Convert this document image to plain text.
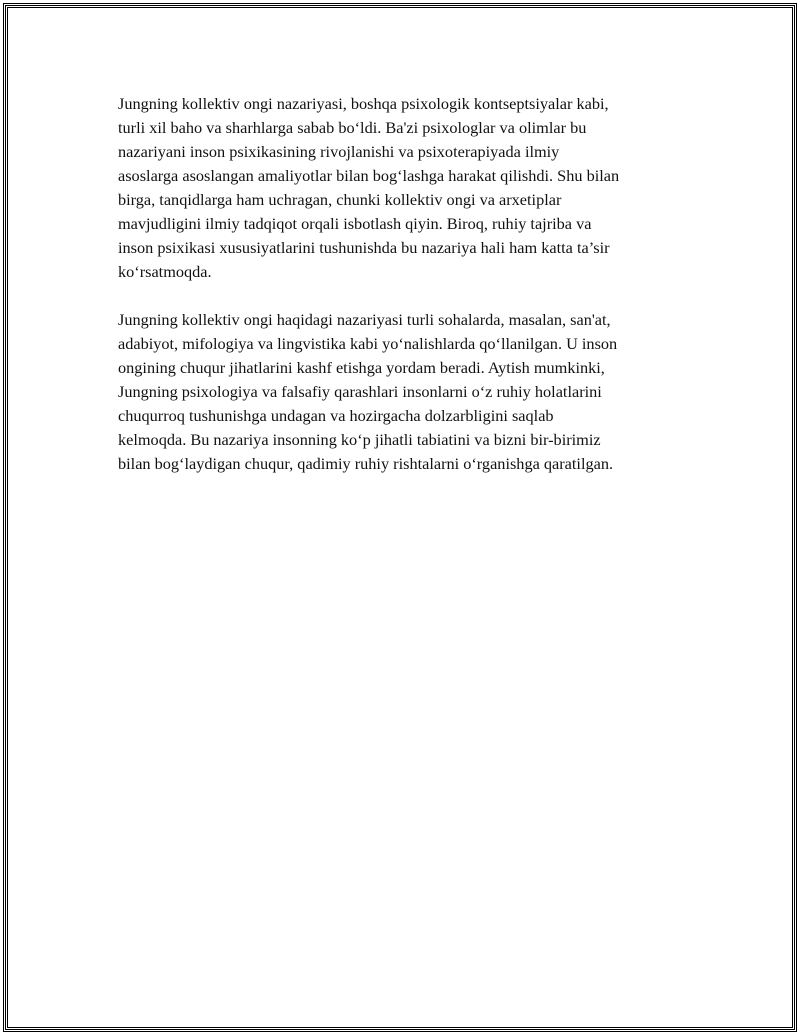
Jungning kollektiv ongi nazariyasi, boshqa psixologik kontseptsiyalar kabi,
turli xil baho va sharhlarga sabab bo‘ldi. Ba'zi psixologlar va olimlar bu
nazariyani inson psixikasining rivojlanishi va psixoterapiyada ilmiy
asoslarga asoslangan amaliyotlar bilan bog‘lashga harakat qilishdi. Shu bilan
birga, tanqidlarga ham uchragan, chunki kollektiv ongi va arxetiplar
mavjudligini ilmiy tadqiqot orqali isbotlash qiyin. Biroq, ruhiy tajriba va
inson psixikasi xususiyatlarini tushunishda bu nazariya hali ham katta ta’sir
ko‘rsatmoqda.

Jungning kollektiv ongi haqidagi nazariyasi turli sohalarda, masalan, san'at,
adabiyot, mifologiya va lingvistika kabi yo‘nalishlarda qo‘llanilgan. U inson
ongining chuqur jihatlarini kashf etishga yordam beradi. Aytish mumkinki,
Jungning psixologiya va falsafiy qarashlari insonlarni o‘z ruhiy holatlarini
chuqurroq tushunishga undagan va hozirgacha dolzarbligini saqlab
kelmoqda. Bu nazariya insonning ko‘p jihatli tabiatini va bizni bir-birimiz
bilan bog‘laydigan chuqur, qadimiy ruhiy rishtalarni o‘rganishga qaratilgan.
